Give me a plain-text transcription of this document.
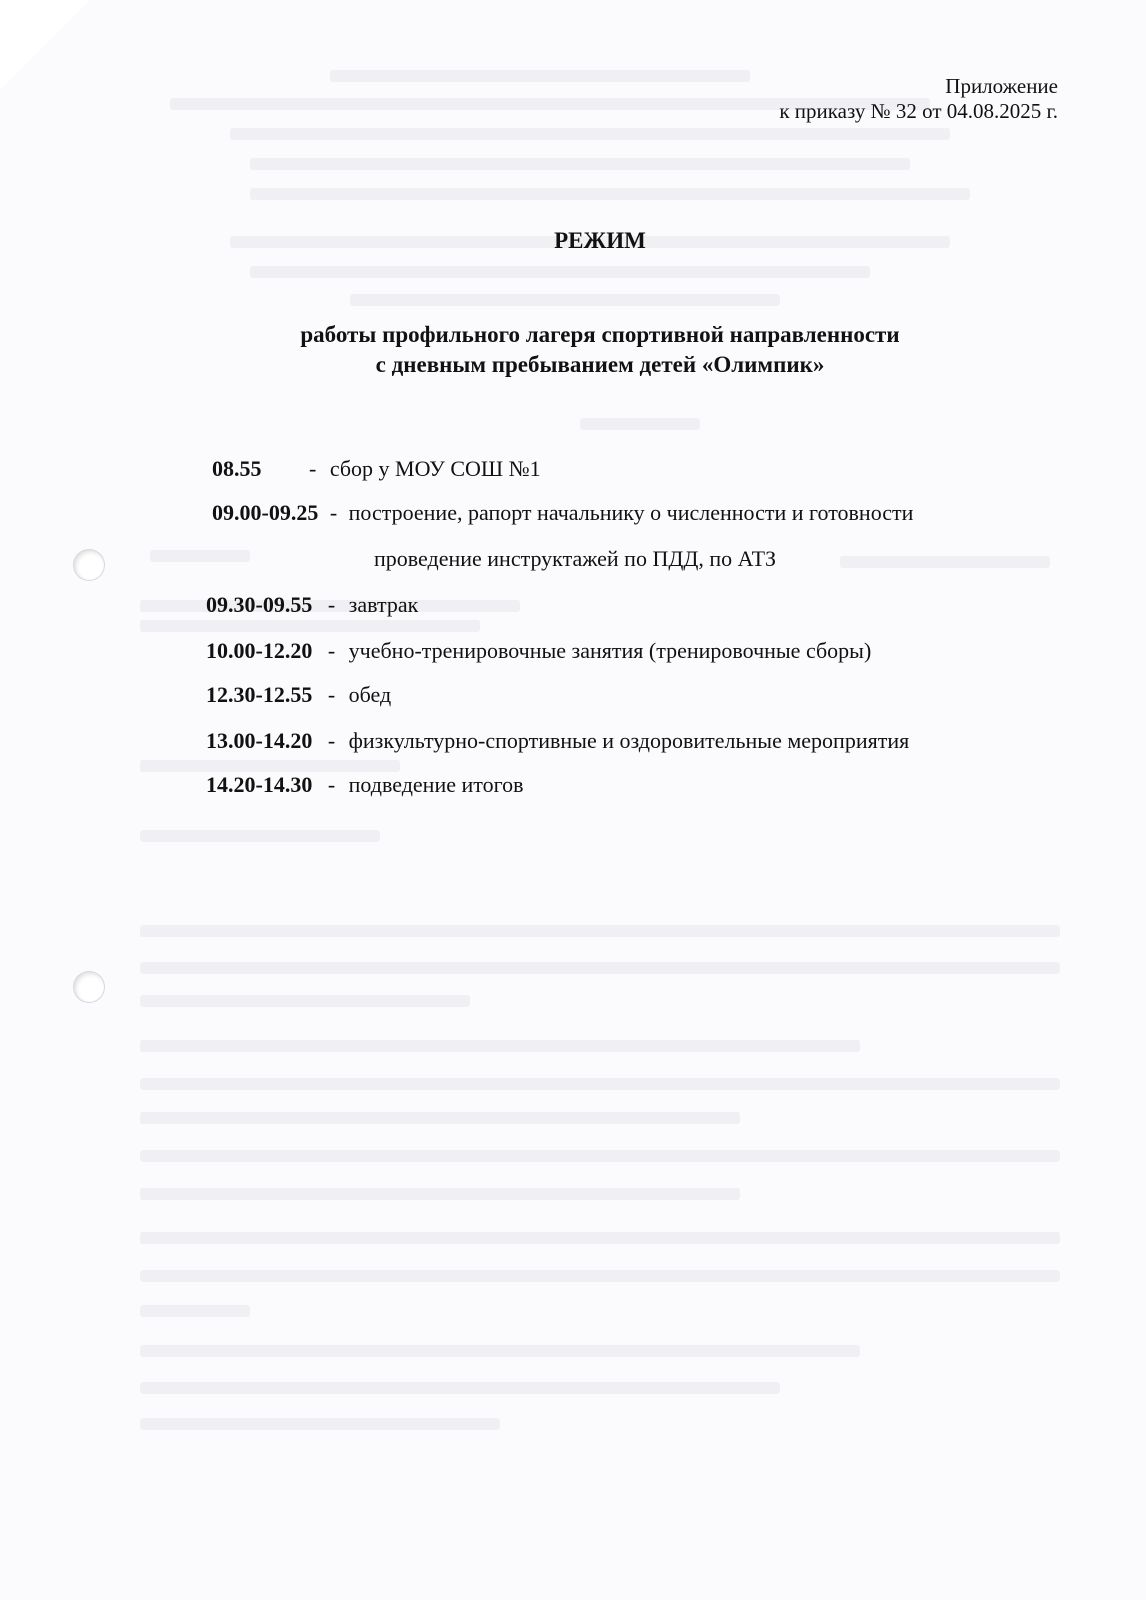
Приложение
к приказу № 32 от 04.08.2025 г.
РЕЖИМ
работы профильного лагеря спортивной направленности
с дневным пребыванием детей «Олимпик»
08.55 - сбор у МОУ СОШ №1
09.00-09.25 - построение, рапорт начальнику о численности и готовности
проведение инструктажей по ПДД, по АТЗ
09.30-09.55 - завтрак
10.00-12.20 - учебно-тренировочные занятия (тренировочные сборы)
12.30-12.55 - обед
13.00-14.20 - физкультурно-спортивные и оздоровительные мероприятия
14.20-14.30 - подведение итогов
